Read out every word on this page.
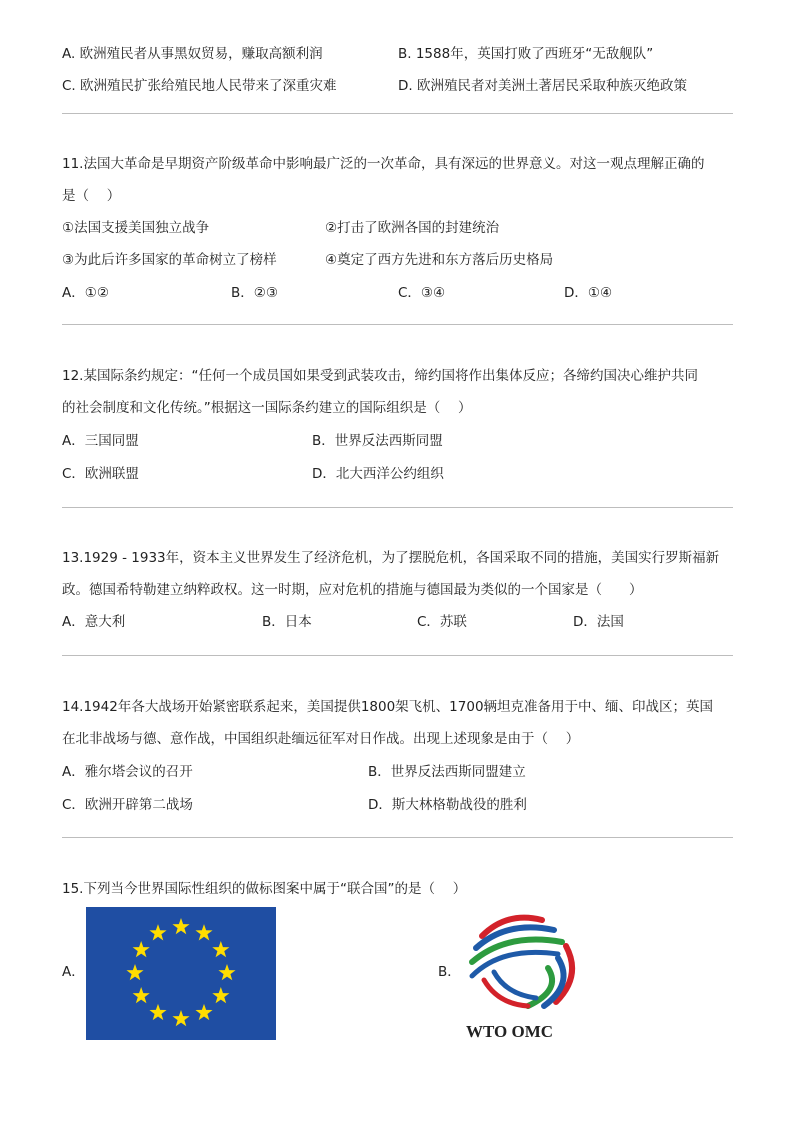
A. 欧洲殖民者从事黑奴贸易，赚取高额利润	B. 1588年，英国打败了西班牙“无敌舰队”
C. 欧洲殖民扩张给殖民地人民带来了深重灾难	D. 欧洲殖民者对美洲土著居民采取种族灭绝政策
11.法国大革命是早期资产阶级革命中影响最广泛的一次革命，具有深远的世界意义。对这一观点理解正确的
是（　 ）
①法国支援美国独立战争	②打击了欧洲各国的封建统治
③为此后许多国家的革命树立了榜样	④奠定了西方先进和东方落后历史格局
A．①②	B．②③	C．③④	D．①④
12.某国际条约规定：“任何一个成员国如果受到武装攻击，缔约国将作出集体反应；各缔约国决心维护共同
的社会制度和文化传统。”根据这一国际条约建立的国际组织是（　 ）
A．三国同盟	B．世界反法西斯同盟
C．欧洲联盟	D．北大西洋公约组织
13.1929 - 1933年，资本主义世界发生了经济危机，为了摆脱危机，各国采取不同的措施，美国实行罗斯福新
政。德国希特勒建立纳粹政权。这一时期，应对危机的措施与德国最为类似的一个国家是（　　）
A．意大利	B．日本	C．苏联	D．法国
14.1942年各大战场开始紧密联系起来，美国提供1800架飞机、1700辆坦克准备用于中、缅、印战区；英国
在北非战场与德、意作战，中国组织赴缅远征军对日作战。出现上述现象是由于（　 ）
A．雅尔塔会议的召开	B．世界反法西斯同盟建立
C．欧洲开辟第二战场	D．斯大林格勒战役的胜利
15.下列当今世界国际性组织的做标图案中属于“联合国”的是（　 ）
A．	B．
WTO OMC
